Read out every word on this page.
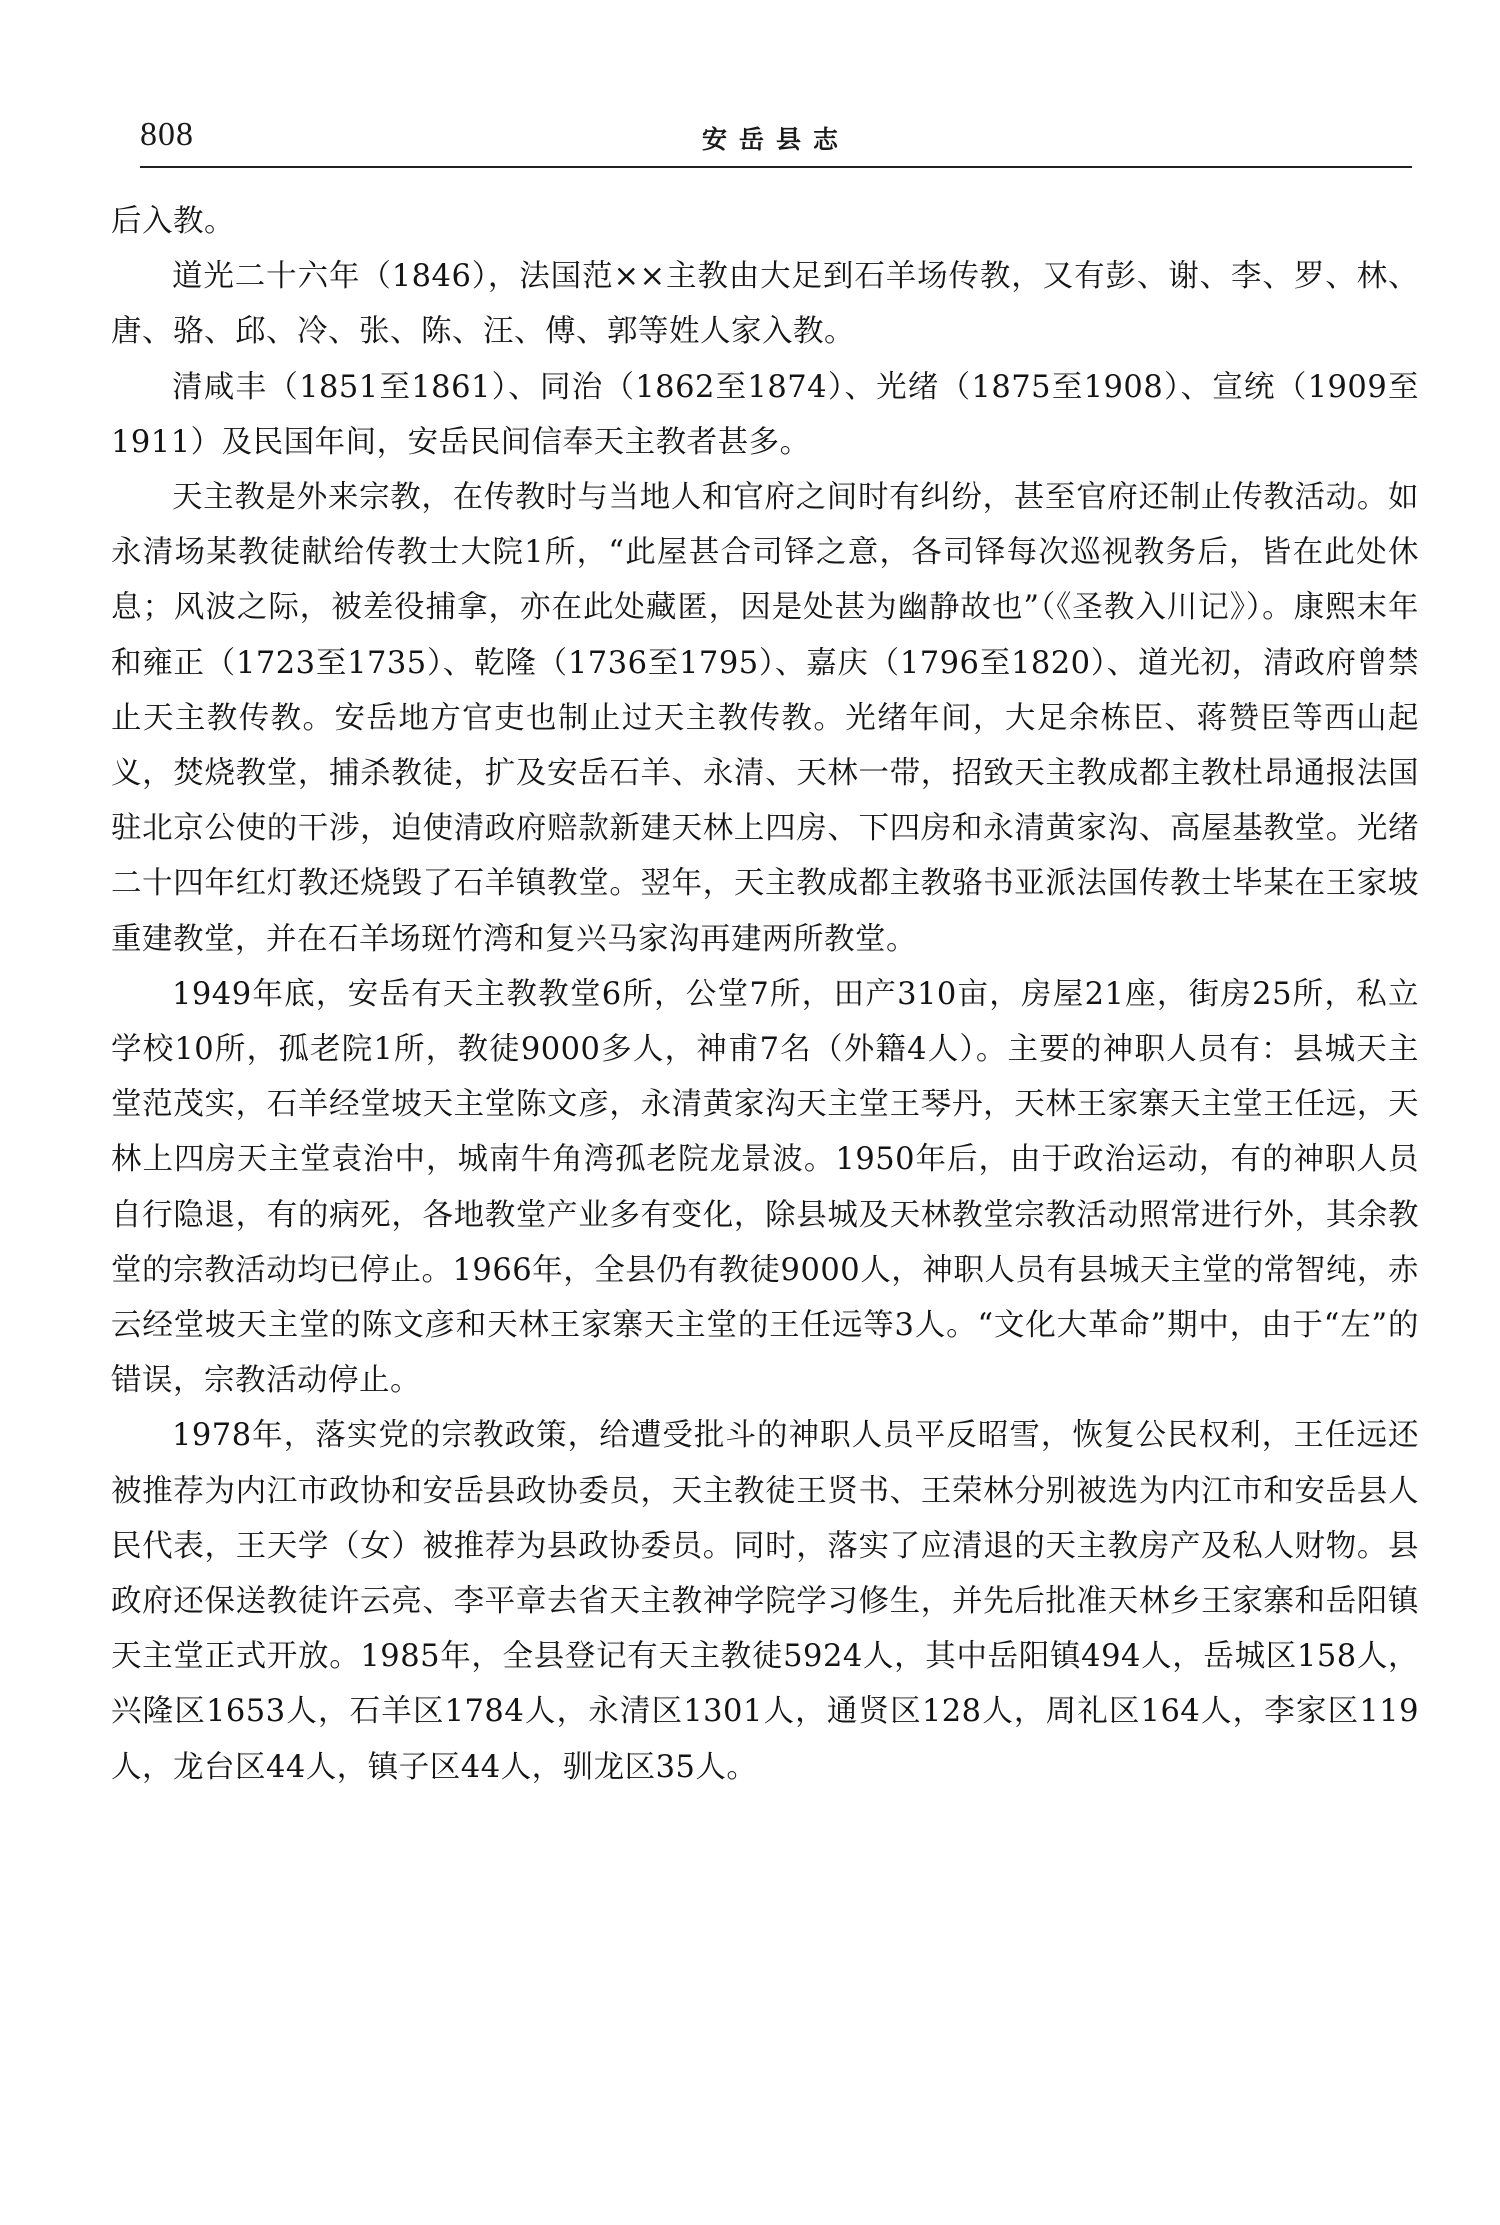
808	安岳县志

后入教。

道光二十六年（1846），法国范××主教由大足到石羊场传教，又有彭、谢、李、罗、林、唐、骆、邱、冷、张、陈、汪、傅、郭等姓人家入教。

清咸丰（1851至1861）、同治（1862至1874）、光绪（1875至1908）、宣统（1909至1911）及民国年间，安岳民间信奉天主教者甚多。

天主教是外来宗教，在传教时与当地人和官府之间时有纠纷，甚至官府还制止传教活动。如永清场某教徒献给传教士大院1所，“此屋甚合司铎之意，各司铎每次巡视教务后，皆在此处休息；风波之际，被差役捕拿，亦在此处藏匿，因是处甚为幽静故也”（《圣教入川记》）。康熙末年和雍正（1723至1735）、乾隆（1736至1795）、嘉庆（1796至1820）、道光初，清政府曾禁止天主教传教。安岳地方官吏也制止过天主教传教。光绪年间，大足余栋臣、蒋赞臣等西山起义，焚烧教堂，捕杀教徒，扩及安岳石羊、永清、天林一带，招致天主教成都主教杜昂通报法国驻北京公使的干涉，迫使清政府赔款新建天林上四房、下四房和永清黄家沟、高屋基教堂。光绪二十四年红灯教还烧毁了石羊镇教堂。翌年，天主教成都主教骆书亚派法国传教士毕某在王家坡重建教堂，并在石羊场斑竹湾和复兴马家沟再建两所教堂。

1949年底，安岳有天主教教堂6所，公堂7所，田产310亩，房屋21座，街房25所，私立学校10所，孤老院1所，教徒9000多人，神甫7名（外籍4人）。主要的神职人员有：县城天主堂范茂实，石羊经堂坡天主堂陈文彦，永清黄家沟天主堂王琴丹，天林王家寨天主堂王任远，天林上四房天主堂袁治中，城南牛角湾孤老院龙景波。1950年后，由于政治运动，有的神职人员自行隐退，有的病死，各地教堂产业多有变化，除县城及天林教堂宗教活动照常进行外，其余教堂的宗教活动均已停止。1966年，全县仍有教徒9000人，神职人员有县城天主堂的常智纯，赤云经堂坡天主堂的陈文彦和天林王家寨天主堂的王任远等3人。“文化大革命”期中，由于“左”的错误，宗教活动停止。

1978年，落实党的宗教政策，给遭受批斗的神职人员平反昭雪，恢复公民权利，王任远还被推荐为内江市政协和安岳县政协委员，天主教徒王贤书、王荣林分别被选为内江市和安岳县人民代表，王天学（女）被推荐为县政协委员。同时，落实了应清退的天主教房产及私人财物。县政府还保送教徒许云亮、李平章去省天主教神学院学习修生，并先后批准天林乡王家寨和岳阳镇天主堂正式开放。1985年，全县登记有天主教徒5924人，其中岳阳镇494人，岳城区158人，兴隆区1653人，石羊区1784人，永清区1301人，通贤区128人，周礼区164人，李家区119人，龙台区44人，镇子区44人，驯龙区35人。
